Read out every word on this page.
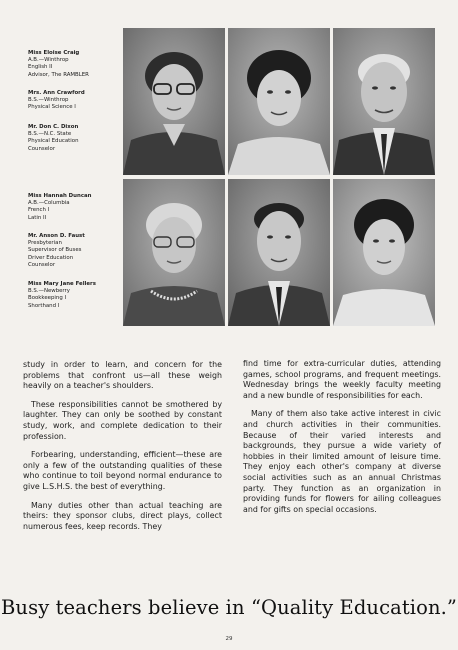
Miss Eloise Craig
A.B.—Winthrop
English II
Advisor, The RAMBLER
Mrs. Ann Crawford
B.S.—Winthrop
Physical Science I
Mr. Don C. Dixon
B.S.—N.C. State
Physical Education
Counselor
Miss Hannah Duncan
A.B.—Columbia
French I
Latin II
Mr. Anson D. Faust
Presbyterian
Supervisor of Buses
Driver Education
Counselor
Miss Mary Jane Fellers
B.S.—Newberry
Bookkeeping I
Shorthand I

study in order to learn, and concern for the problems that confront us—all these weigh heavily on a teacher's shoulders.

These responsibilities cannot be smothered by laughter. They can only be soothed by constant study, work, and complete dedication to their profession.

Forbearing, understanding, efficient—these are only a few of the outstanding qualities of these who continue to toil beyond normal endurance to give L.S.H.S. the best of everything.

Many duties other than actual teaching are theirs: they sponsor clubs, direct plays, collect numerous fees, keep records. They

find time for extra-curricular duties, attending games, school programs, and frequent meetings. Wednesday brings the weekly faculty meeting and a new bundle of responsibilities for each.

Many of them also take active interest in civic and church activities in their communities. Because of their varied interests and backgrounds, they pursue a wide variety of hobbies in their limited amount of leisure time. They enjoy each other's company at diverse social activities such as an annual Christmas party. They function as an organization in providing funds for flowers for ailing colleagues and for gifts on special occasions.

Busy teachers believe in “Quality Education.”
29
